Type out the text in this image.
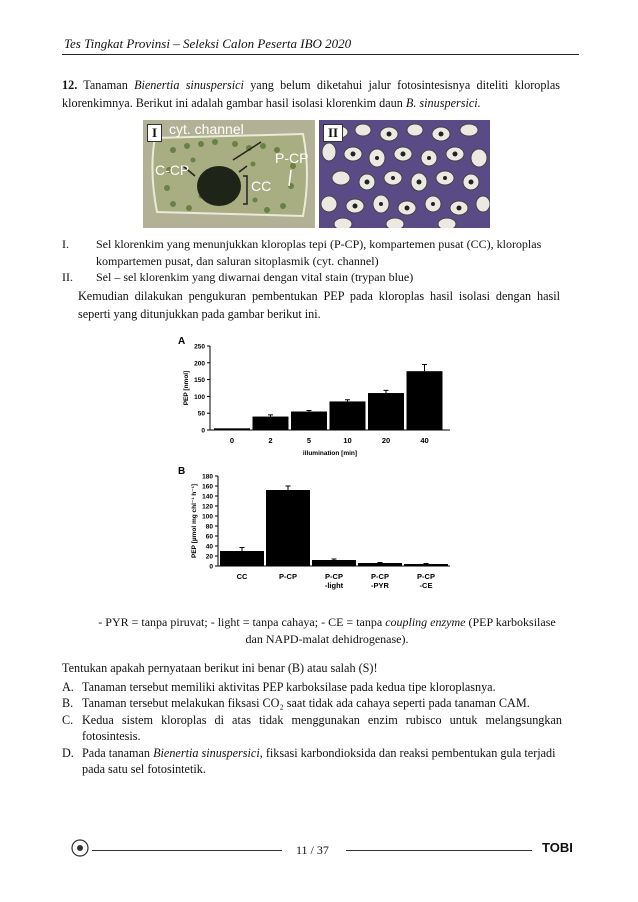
Tes Tingkat Provinsi – Seleksi Calon Peserta IBO 2020
12. Tanaman Bienertia sinuspersici yang belum diketahui jalur fotosintesisnya diteliti kloroplas klorenkimnya. Berikut ini adalah gambar hasil isolasi klorenkim daun B. sinuspersici.
I cyt. channel
C-CP
P-CP
CC
II
I.	Sel klorenkim yang menunjukkan kloroplas tepi (P-CP), kompartemen pusat (CC), kloroplas kompartemen pusat, dan saluran sitoplasmik (cyt. channel)
II.	Sel – sel klorenkim yang diwarnai dengan vital stain (trypan blue)
Kemudian dilakukan pengukuran pembentukan PEP pada kloroplas hasil isolasi dengan hasil seperti yang ditunjukkan pada gambar berikut ini.
A
PEP [nmol]
0
50
100
150
200
250
0	2	5	10	20	40
illumination [min]
B
PEP [µmol mg chl⁻¹ h⁻¹]
0
20
40
60
80
100
120
140
160
180
CC	P-CP	P-CP
-light
P-CP
-PYR
P-CP
-CE
- PYR = tanpa piruvat; - light = tanpa cahaya; - CE = tanpa coupling enzyme (PEP karboksilase
dan NAPD-malat dehidrogenase).
Tentukan apakah pernyataan berikut ini benar (B) atau salah (S)!
A. Tanaman tersebut memiliki aktivitas PEP karboksilase pada kedua tipe kloroplasnya.
B. Tanaman tersebut melakukan fiksasi CO₂ saat tidak ada cahaya seperti pada tanaman CAM.
C. Kedua sistem kloroplas di atas tidak menggunakan enzim rubisco untuk melangsungkan fotosintesis.
D. Pada tanaman Bienertia sinuspersici, fiksasi karbondioksida dan reaksi pembentukan gula terjadi pada satu sel fotosintetik.
11 / 37	TOBI
